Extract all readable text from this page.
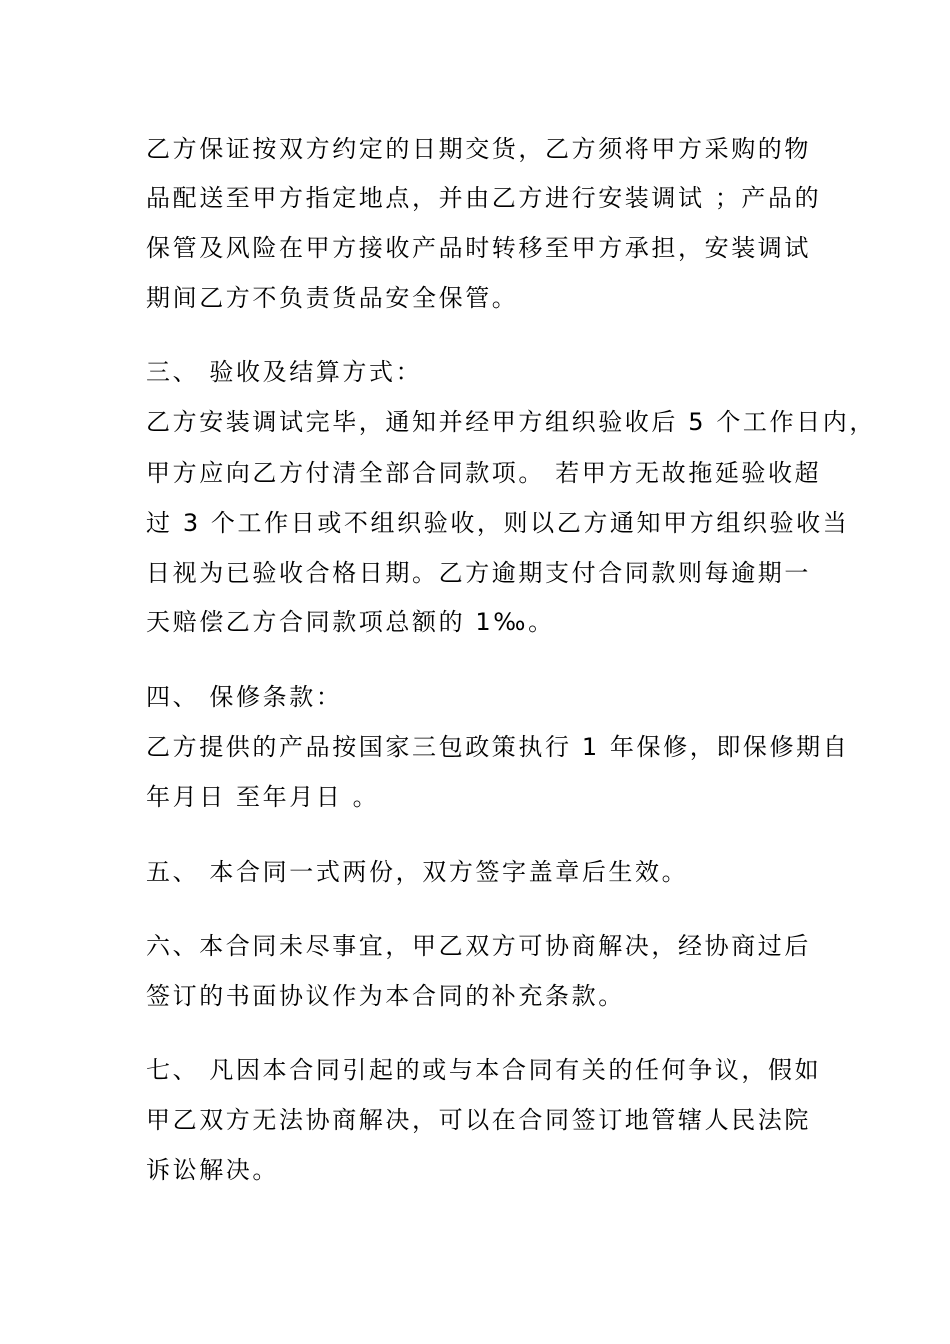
乙方保证按双方约定的日期交货，乙方须将甲方采购的物
品配送至甲方指定地点，并由乙方进行安装调试 ；产品的
保管及风险在甲方接收产品时转移至甲方承担，安装调试
期间乙方不负责货品安全保管。
三、 验收及结算方式：
乙方安装调试完毕，通知并经甲方组织验收后 5 个工作日内，
甲方应向乙方付清全部合同款项。 若甲方无故拖延验收超
过 3 个工作日或不组织验收，则以乙方通知甲方组织验收当
日视为已验收合格日期。乙方逾期支付合同款则每逾期一
天赔偿乙方合同款项总额的 1‰。
四、 保修条款：
乙方提供的产品按国家三包政策执行 1 年保修，即保修期自
年月日 至年月日 。
五、 本合同一式两份，双方签字盖章后生效。
六、本合同未尽事宜，甲乙双方可协商解决，经协商过后
签订的书面协议作为本合同的补充条款。
七、 凡因本合同引起的或与本合同有关的任何争议，假如
甲乙双方无法协商解决，可以在合同签订地管辖人民法院
诉讼解决。
